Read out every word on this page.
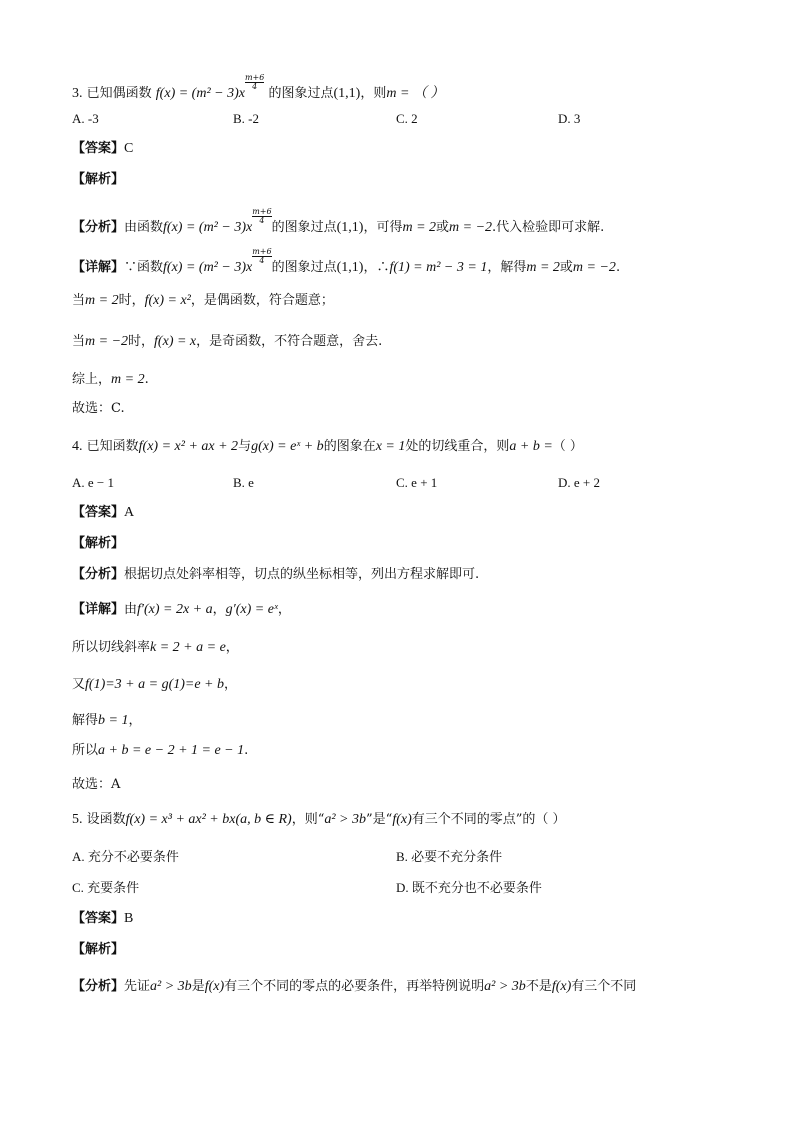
3. 已知偶函数 f(x) = (m² − 3)x
$\frac{m+6}{4}$
的图象过点(1,1)，则m = （ ）
A. -3	B. -2	C. 2	D. 3
【答案】C
【解析】
【分析】由函数f(x) = (m² − 3)x
$\frac{m+6}{4}$
的图象过点(1,1)，可得m = 2或m = −2.代入检验即可求解.
【详解】∵函数f(x) = (m² − 3)x
$\frac{m+6}{4}$
的图象过点(1,1)，∴f(1) = m² − 3 = 1，解得m = 2或m = −2.
当m = 2时，f(x) = x²，是偶函数，符合题意；
当m = −2时，f(x) = x，是奇函数，不符合题意，舍去.
综上，m = 2.
故选：C.
4. 已知函数f(x) = x² + ax + 2与g(x) = eˣ + b的图象在x = 1处的切线重合，则a + b =（ ）
A. e − 1	B. e	C. e + 1	D. e + 2
【答案】A
【解析】
【分析】根据切点处斜率相等，切点的纵坐标相等，列出方程求解即可.
【详解】由f′(x) = 2x + a，g′(x) = eˣ，
所以切线斜率k = 2 + a = e，
又f(1)=3 + a = g(1)=e + b，
解得b = 1，
所以a + b = e − 2 + 1 = e − 1.
故选：A
5. 设函数f(x) = x³ + ax² + bx(a, b ∈ R)，则“a² > 3b”是“f(x)有三个不同的零点”的（ ）
A. 充分不必要条件	B. 必要不充分条件
C. 充要条件	D. 既不充分也不必要条件
【答案】B
【解析】
【分析】先证a² > 3b是f(x)有三个不同的零点的必要条件，再举特例说明a² > 3b不是f(x)有三个不同
